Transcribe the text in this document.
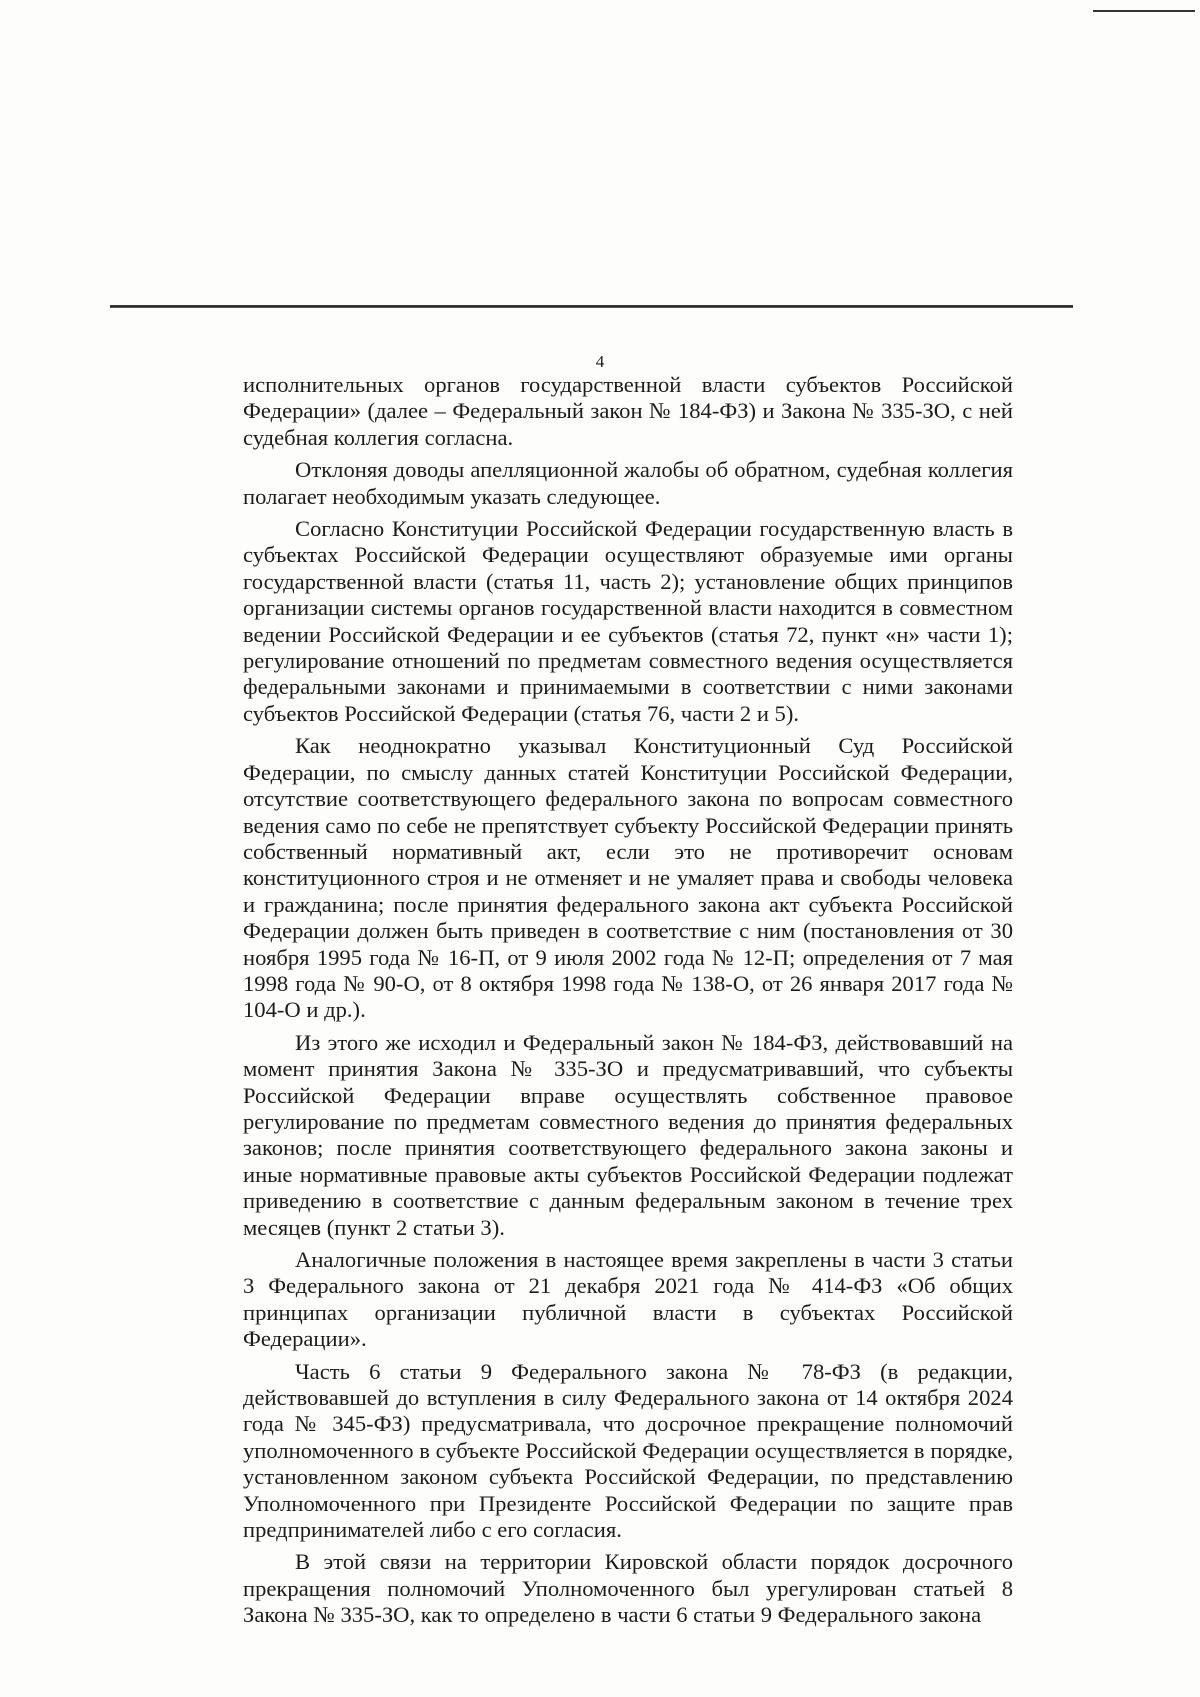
4

исполнительных органов государственной власти субъектов Российской Федерации» (далее – Федеральный закон № 184-ФЗ) и Закона № 335-ЗО, с ней судебная коллегия согласна.

Отклоняя доводы апелляционной жалобы об обратном, судебная коллегия полагает необходимым указать следующее.

Согласно Конституции Российской Федерации государственную власть в субъектах Российской Федерации осуществляют образуемые ими органы государственной власти (статья 11, часть 2); установление общих принципов организации системы органов государственной власти находится в совместном ведении Российской Федерации и ее субъектов (статья 72, пункт «н» части 1); регулирование отношений по предметам совместного ведения осуществляется федеральными законами и принимаемыми в соответствии с ними законами субъектов Российской Федерации (статья 76, части 2 и 5).

Как неоднократно указывал Конституционный Суд Российской Федерации, по смыслу данных статей Конституции Российской Федерации, отсутствие соответствующего федерального закона по вопросам совместного ведения само по себе не препятствует субъекту Российской Федерации принять собственный нормативный акт, если это не противоречит основам конституционного строя и не отменяет и не умаляет права и свободы человека и гражданина; после принятия федерального закона акт субъекта Российской Федерации должен быть приведен в соответствие с ним (постановления от 30 ноября 1995 года № 16-П, от 9 июля 2002 года № 12-П; определения от 7 мая 1998 года № 90-О, от 8 октября 1998 года № 138-О, от 26 января 2017 года № 104-О и др.).

Из этого же исходил и Федеральный закон № 184-ФЗ, действовавший на момент принятия Закона № 335-ЗО и предусматривавший, что субъекты Российской Федерации вправе осуществлять собственное правовое регулирование по предметам совместного ведения до принятия федеральных законов; после принятия соответствующего федерального закона законы и иные нормативные правовые акты субъектов Российской Федерации подлежат приведению в соответствие с данным федеральным законом в течение трех месяцев (пункт 2 статьи 3).

Аналогичные положения в настоящее время закреплены в части 3 статьи 3 Федерального закона от 21 декабря 2021 года № 414-ФЗ «Об общих принципах организации публичной власти в субъектах Российской Федерации».

Часть 6 статьи 9 Федерального закона № 78-ФЗ (в редакции, действовавшей до вступления в силу Федерального закона от 14 октября 2024 года № 345-ФЗ) предусматривала, что досрочное прекращение полномочий уполномоченного в субъекте Российской Федерации осуществляется в порядке, установленном законом субъекта Российской Федерации, по представлению Уполномоченного при Президенте Российской Федерации по защите прав предпринимателей либо с его согласия.

В этой связи на территории Кировской области порядок досрочного прекращения полномочий Уполномоченного был урегулирован статьей 8 Закона № 335-ЗО, как то определено в части 6 статьи 9 Федерального закона
